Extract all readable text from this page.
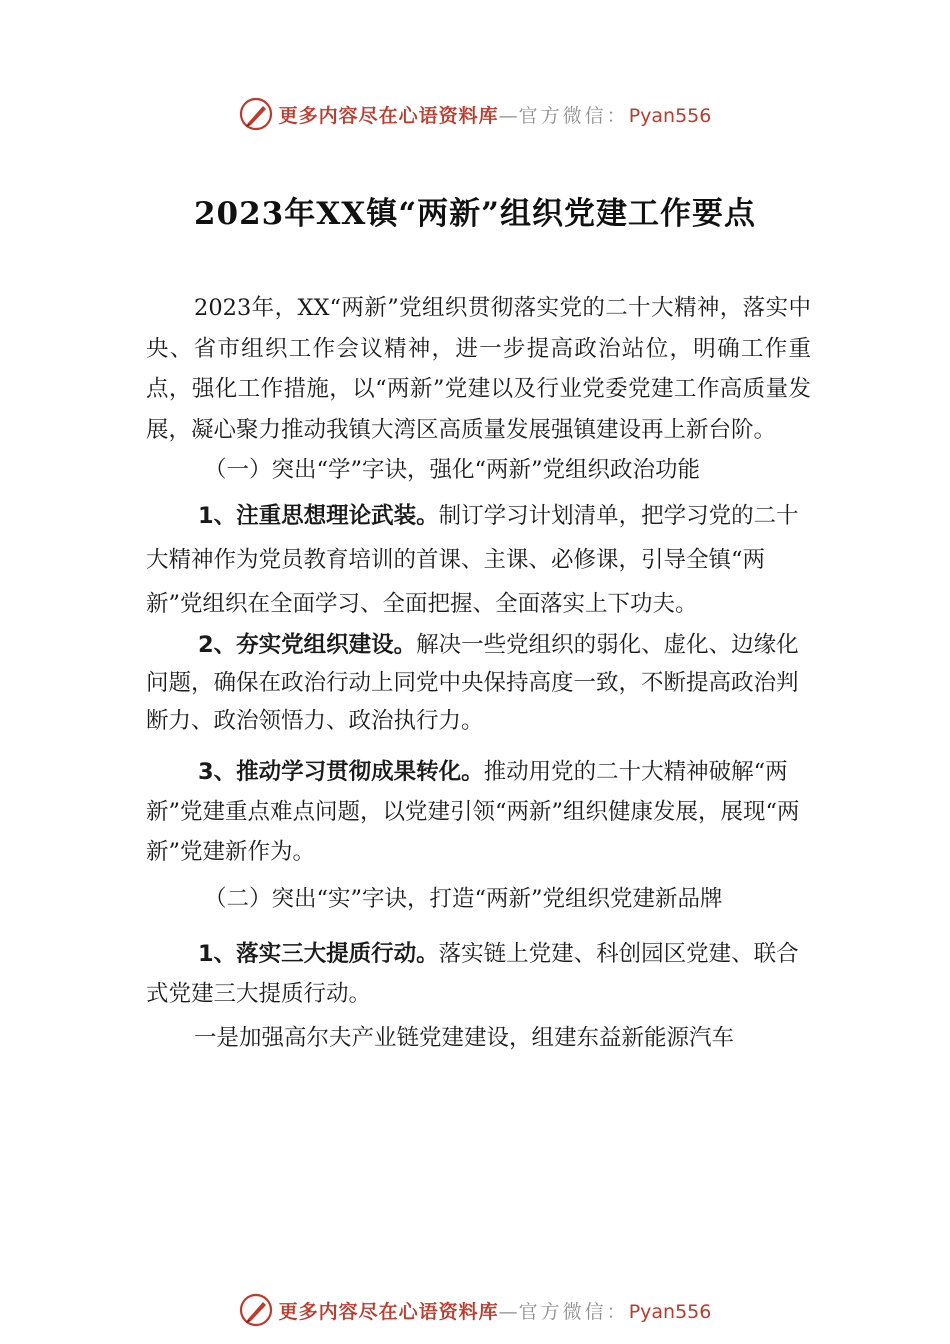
更多内容尽在心语资料库—官方微信：Pyan556
2023年XX镇“两新”组织党建工作要点

2023年，XX“两新”党组织贯彻落实党的二十大精神，落实中央、省市组织工作会议精神，进一步提高政治站位，明确工作重点，强化工作措施，以“两新”党建以及行业党委党建工作高质量发展，凝心聚力推动我镇大湾区高质量发展强镇建设再上新台阶。

（一）突出“学”字诀，强化“两新”党组织政治功能

1、注重思想理论武装。制订学习计划清单，把学习党的二十大精神作为党员教育培训的首课、主课、必修课，引导全镇“两新”党组织在全面学习、全面把握、全面落实上下功夫。

2、夯实党组织建设。解决一些党组织的弱化、虚化、边缘化问题，确保在政治行动上同党中央保持高度一致，不断提高政治判断力、政治领悟力、政治执行力。

3、推动学习贯彻成果转化。推动用党的二十大精神破解“两新”党建重点难点问题，以党建引领“两新”组织健康发展，展现“两新”党建新作为。

（二）突出“实”字诀，打造“两新”党组织党建新品牌

1、落实三大提质行动。落实链上党建、科创园区党建、联合式党建三大提质行动。

一是加强高尔夫产业链党建建设，组建东益新能源汽车

更多内容尽在心语资料库—官方微信：Pyan556
